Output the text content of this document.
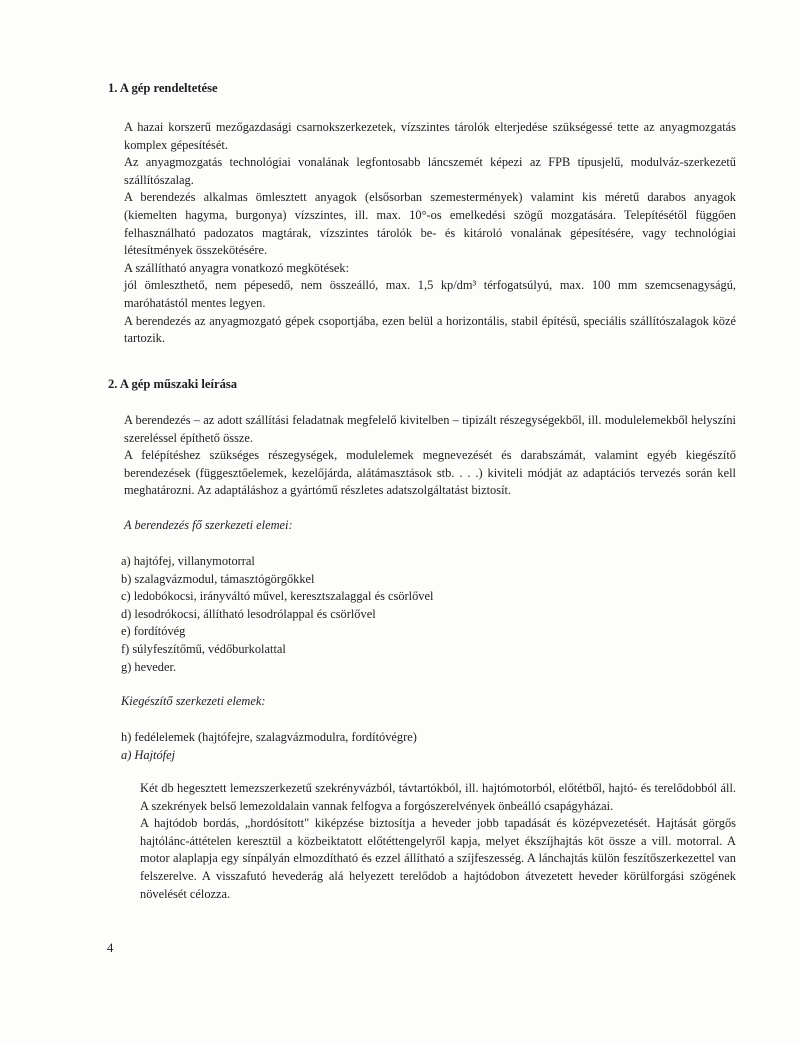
1. A gép rendeltetése

A hazai korszerű mezőgazdasági csarnokszerkezetek, vízszintes tárolók elterjedése szükségessé tette az anyagmozgatás komplex gépesítését.

Az anyagmozgatás technológiai vonalának legfontosabb láncszemét képezi az FPB típusjelű, modulváz-szerkezetű szállítószalag.

A berendezés alkalmas ömlesztett anyagok (elsősorban szemestermények) valamint kis méretű darabos anyagok (kiemelten hagyma, burgonya) vízszintes, ill. max. 10°-os emelkedési szögű mozgatására. Telepítésétől függően felhasználható padozatos magtárak, vízszintes tárolók be- és kitároló vonalának gépesítésére, vagy technológiai létesítmények összekötésére.

A szállítható anyagra vonatkozó megkötések:

jól ömleszthető, nem pépesedő, nem összeálló, max. 1,5 kp/dm³ térfogatsúlyú, max. 100 mm szemcsenagyságú, maróhatástól mentes legyen.

A berendezés az anyagmozgató gépek csoportjába, ezen belül a horizontális, stabil építésű, speciális szállítószalagok közé tartozik.

2. A gép műszaki leírása

A berendezés – az adott szállítási feladatnak megfelelő kivitelben – tipizált részegységekből, ill. modulelemekből helyszíni szereléssel építhető össze.

A felépítéshez szükséges részegységek, modulelemek megnevezését és darabszámát, valamint egyéb kiegészítő berendezések (függesztőelemek, kezelőjárda, alátámasztások stb. . . .) kiviteli módját az adaptációs tervezés során kell meghatározni. Az adaptáláshoz a gyártómű részletes adatszolgáltatást biztosít.

A berendezés fő szerkezeti elemei:
a) hajtófej, villanymotorral
b) szalagvázmodul, támasztógörgőkkel
c) ledobókocsi, irányváltó művel, keresztszalaggal és csörlővel
d) lesodrókocsi, állítható lesodrólappal és csörlővel
e) fordítóvég
f) súlyfeszítőmű, védőburkolattal
g) heveder.
Kiegészítő szerkezeti elemek:
h) fedélelemek (hajtófejre, szalagvázmodulra, fordítóvégre)
a) Hajtófej

Két db hegesztett lemezszerkezetű szekrényvázból, távtartókból, ill. hajtómotorból, előtétből, hajtó- és terelődobból áll. A szekrények belső lemezoldalain vannak felfogva a forgószerelvények önbeálló csapágyházai.

A hajtódob bordás, „hordósított" kiképzése biztosítja a heveder jobb tapadását és középvezetését. Hajtását görgős hajtólánc-áttételen keresztül a közbeiktatott előtéttengelyről kapja, melyet ékszíjhajtás köt össze a vill. motorral. A motor alaplapja egy sínpályán elmozdítható és ezzel állítható a szíjfeszesség. A lánchajtás külön feszítőszerkezettel van felszerelve. A visszafutó hevederág alá helyezett terelődob a hajtódobon átvezetett heveder körülforgási szögének növelését célozza.

4
